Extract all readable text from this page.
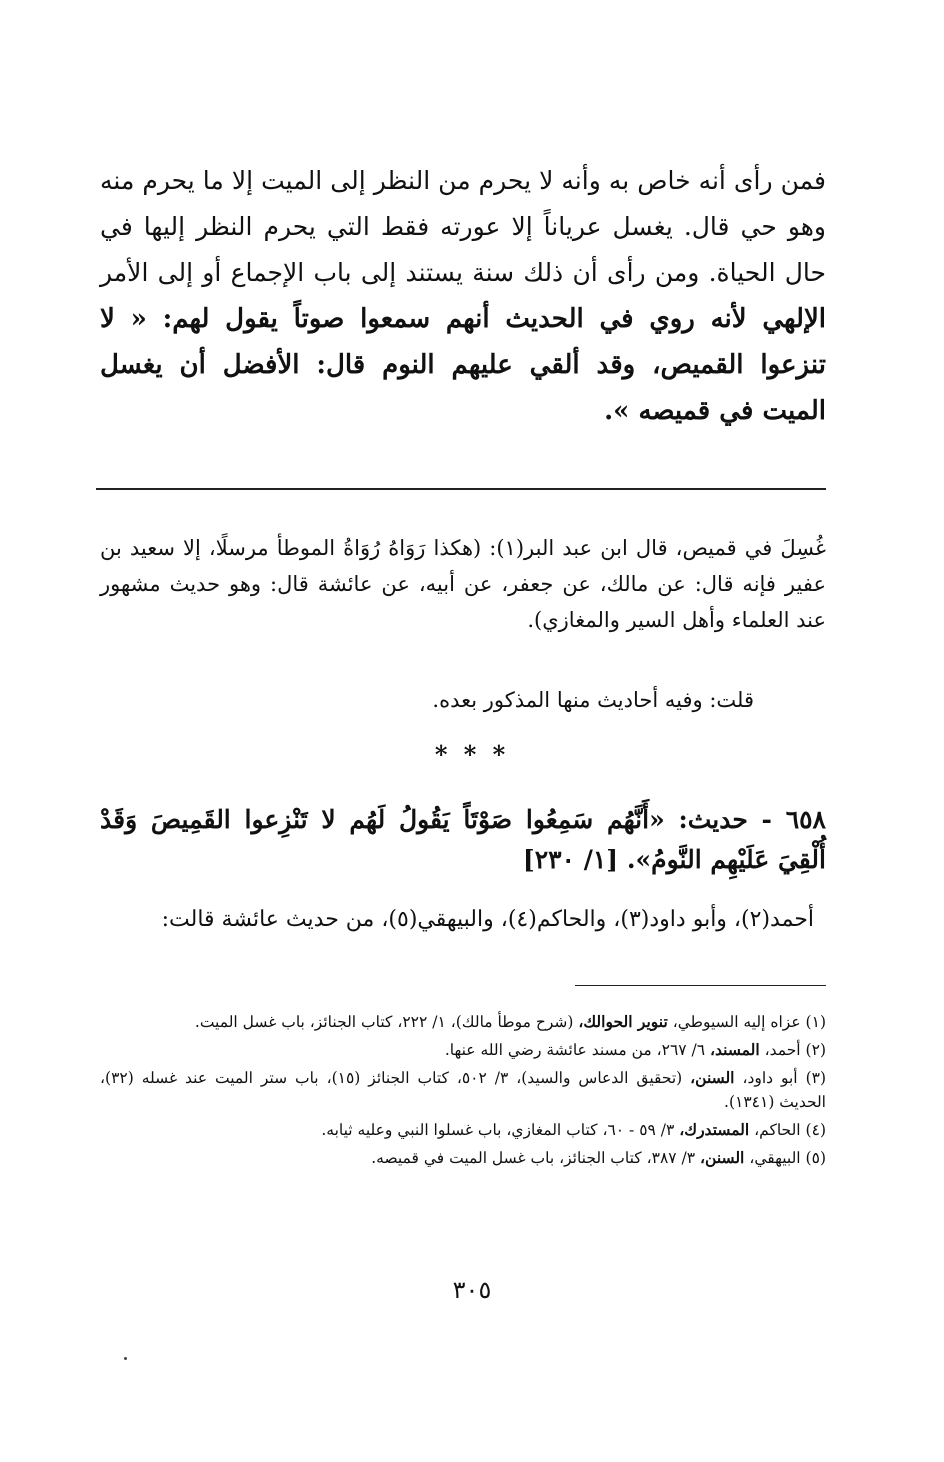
فمن رأى أنه خاص به وأنه لا يحرم من النظر إلى الميت إلا ما يحرم منه وهو حي قال. يغسل عرياناً إلا عورته فقط التي يحرم النظر إليها في حال الحياة. ومن رأى أن ذلك سنة يستند إلى باب الإجماع أو إلى الأمر الإلهي لأنه روي في الحديث أنهم سمعوا صوتاً يقول لهم: « لا تنزعوا القميص، وقد ألقي عليهم النوم قال: الأفضل أن يغسل الميت في قميصه ».

غُسِلَ في قميص، قال ابن عبد البر(١): (هكذا رَوَاهُ رُوَاةُ الموطأ مرسلًا، إلا سعيد بن عفير فإنه قال: عن مالك، عن جعفر، عن أبيه، عن عائشة قال: وهو حديث مشهور عند العلماء وأهل السير والمغازي).

قلت: وفيه أحاديث منها المذكور بعده.
* * *

٦٥٨ - حديث: «أَنَّهُم سَمِعُوا صَوْتَاً يَقُولُ لَهُم لا تَنْزِعوا القَمِيصَ وَقَدْ أُلْقِيَ عَلَيْهِم النَّومُ». [١/ ٢٣٠]

أحمد(٢)، وأبو داود(٣)، والحاكم(٤)، والبيهقي(٥)، من حديث عائشة قالت:

(١) عزاه إليه السيوطي، تنوير الحوالك، (شرح موطأ مالك)، ١/ ٢٢٢، كتاب الجنائز، باب غسل الميت.

(٢) أحمد، المسند، ٦/ ٢٦٧، من مسند عائشة رضي الله عنها.

(٣) أبو داود، السنن، (تحقيق الدعاس والسيد)، ٣/ ٥٠٢، كتاب الجنائز (١٥)، باب ستر الميت عند غسله (٣٢)، الحديث (١٣٤١).

(٤) الحاكم، المستدرك، ٣/ ٥٩ - ٦٠، كتاب المغازي، باب غسلوا النبي وعليه ثيابه.

(٥) البيهقي، السنن، ٣/ ٣٨٧، كتاب الجنائز، باب غسل الميت في قميصه.

٣٠٥
